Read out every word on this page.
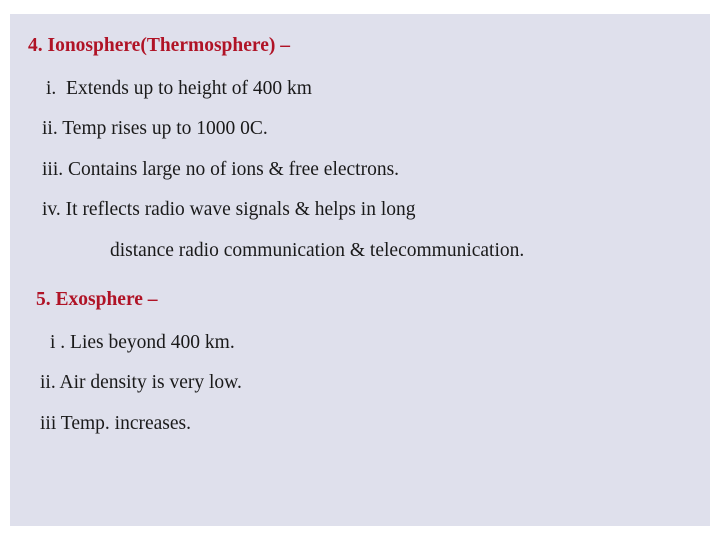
4. Ionosphere(Thermosphere) –
i.  Extends up to height of 400 km
ii. Temp rises up to 1000 0C.
iii. Contains large no of ions & free electrons.
iv. It reflects radio wave signals & helps in long
distance radio communication & telecommunication.
5. Exosphere –
i . Lies beyond 400 km.
ii. Air density is very low.
iii Temp. increases.
